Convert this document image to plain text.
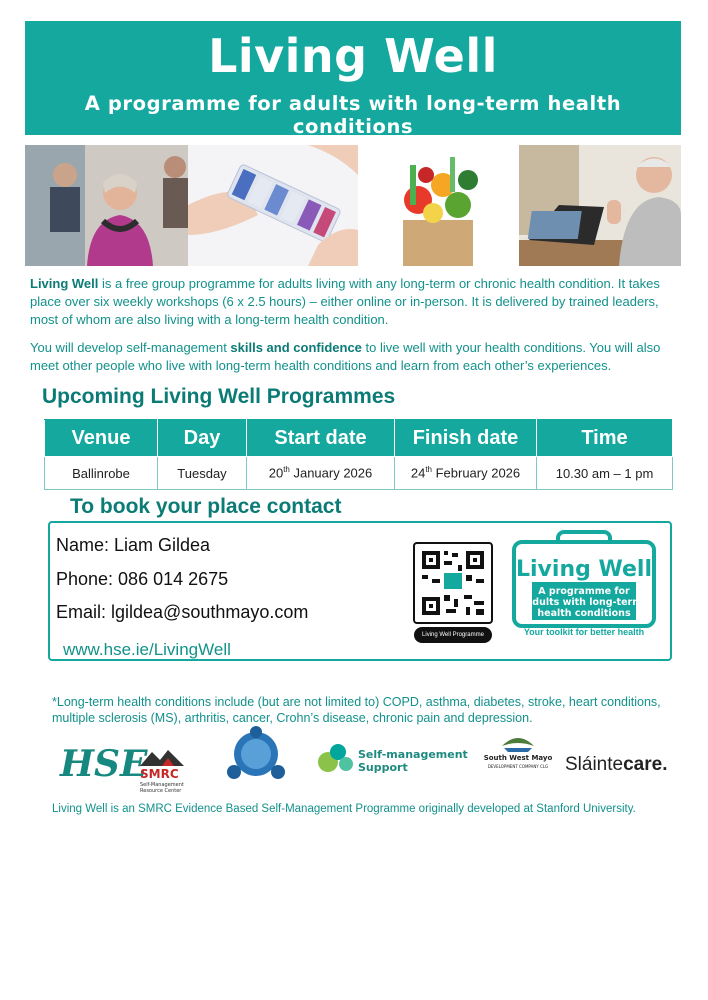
Living Well
A programme for adults with long-term health conditions

Living Well is a free group programme for adults living with any long-term or chronic health condition. It takes place over six weekly workshops (6 x 2.5 hours) – either online or in-person. It is delivered by trained leaders, most of whom are also living with a long-term health condition.

You will develop self-management skills and confidence to live well with your health conditions. You will also meet other people who live with long-term health conditions and learn from each other’s experiences.

Upcoming Living Well Programmes
Venue	Day	Start date	Finish date	Time
Ballinrobe	Tuesday	20th January 2026	24th February 2026	10.30 am – 1 pm
To book your place contact
Name: Liam Gildea
Phone: 086 014 2675
Email: lgildea@southmayo.com
www.hse.ie/LivingWell
Living Well Programme
Living Well
A programme for
adults with long-term
health conditions
Your toolkit for better health
*Long-term health conditions include (but are not limited to) COPD, asthma, diabetes, stroke, heart conditions, multiple sclerosis (MS), arthritis, cancer, Crohn’s disease, chronic pain and depression.
HSE
SMRC
Self-Management
Resource Center
Self-management
Support
South West Mayo
DEVELOPMENT COMPANY CLG Sláintecare.
Living Well is an SMRC Evidence Based Self-Management Programme originally developed at Stanford University.
